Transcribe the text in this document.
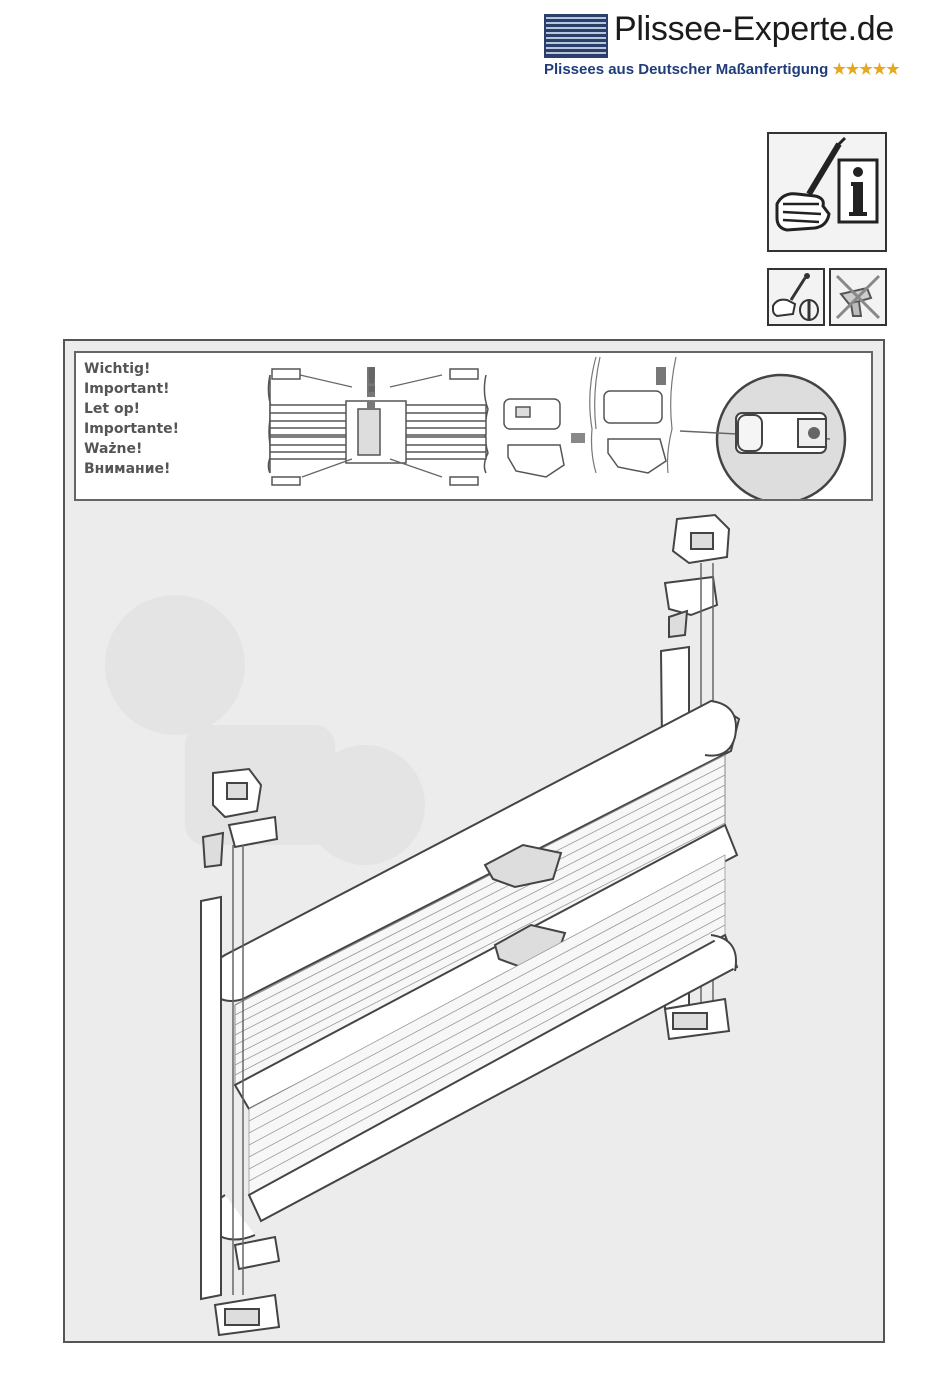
Plissee-Experte.de
Plissees aus Deutscher Maßanfertigung ★★★★★
Wichtig!
Important!
Let op!
Importante!
Ważne!
Внимание!
!
